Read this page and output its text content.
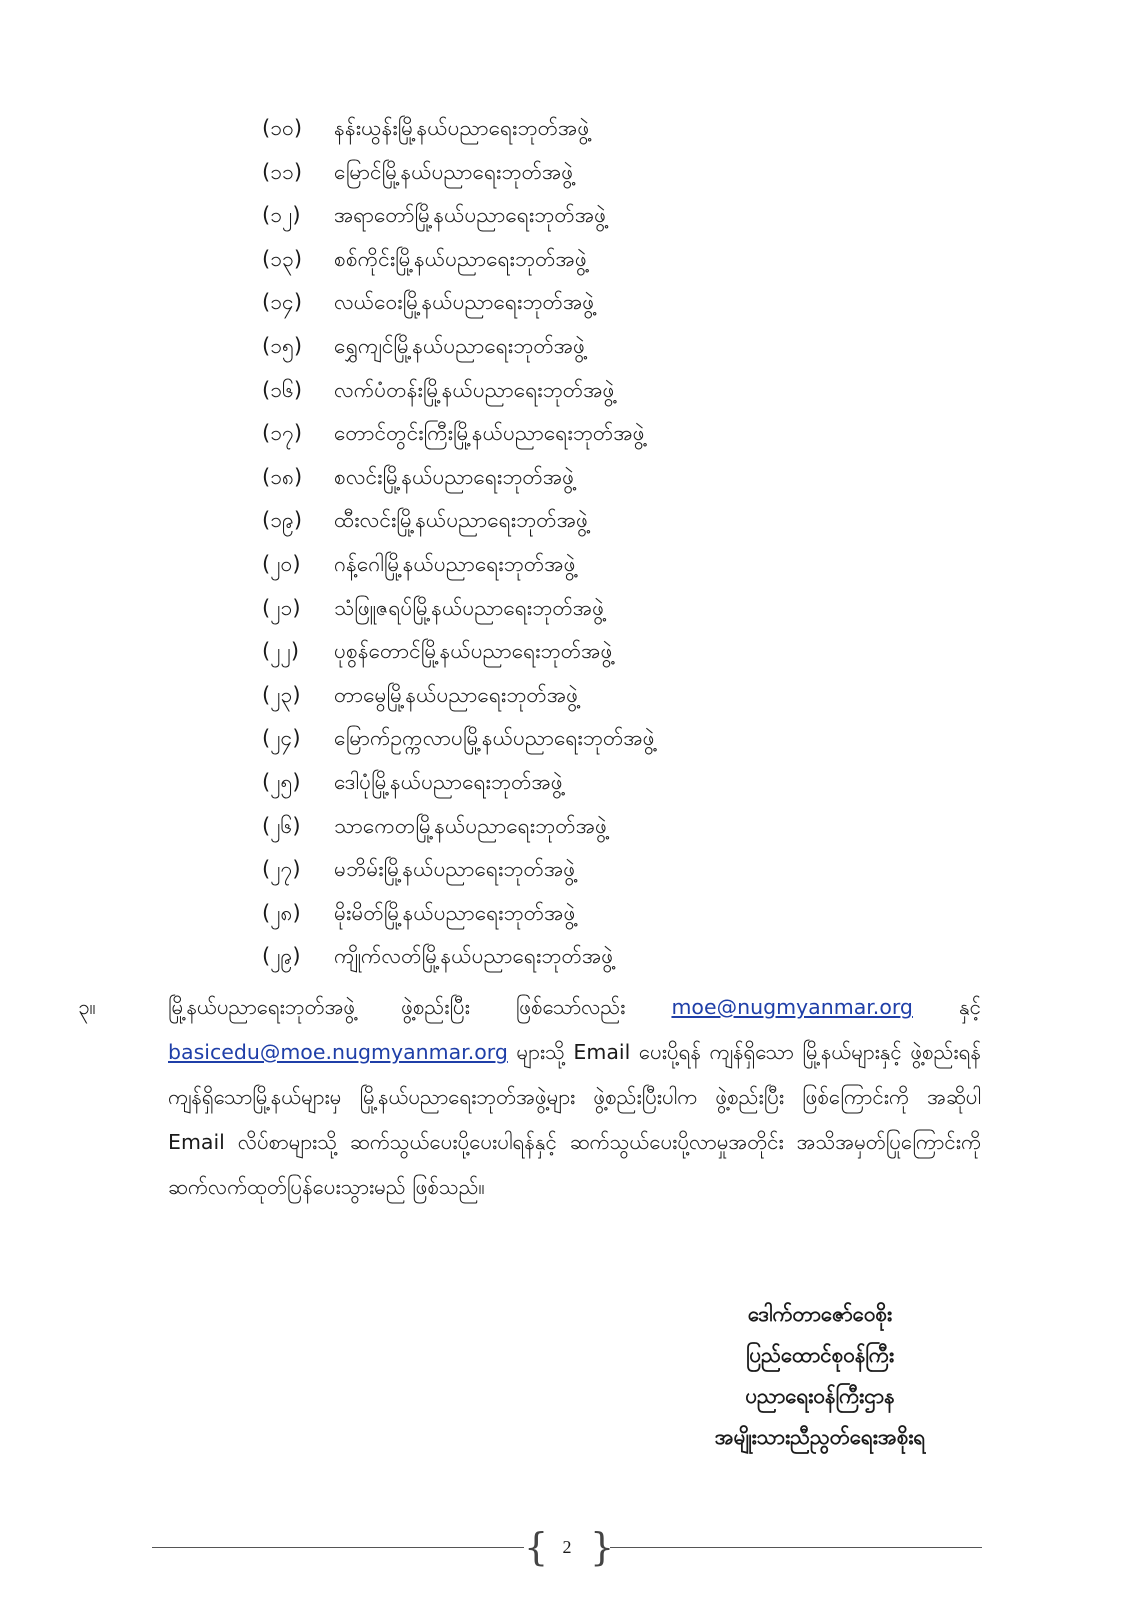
(၁၀)	နန်းယွန်းမြို့နယ်ပညာရေးဘုတ်အဖွဲ့
(၁၁)	မြောင်မြို့နယ်ပညာရေးဘုတ်အဖွဲ့
(၁၂)	အရာတော်မြို့နယ်ပညာရေးဘုတ်အဖွဲ့
(၁၃)	စစ်ကိုင်းမြို့နယ်ပညာရေးဘုတ်အဖွဲ့
(၁၄)	လယ်ဝေးမြို့နယ်ပညာရေးဘုတ်အဖွဲ့
(၁၅)	ရွှေကျင်မြို့နယ်ပညာရေးဘုတ်အဖွဲ့
(၁၆)	လက်ပံတန်းမြို့နယ်ပညာရေးဘုတ်အဖွဲ့
(၁၇)	တောင်တွင်းကြီးမြို့နယ်ပညာရေးဘုတ်အဖွဲ့
(၁၈)	စလင်းမြို့နယ်ပညာရေးဘုတ်အဖွဲ့
(၁၉)	ထီးလင်းမြို့နယ်ပညာရေးဘုတ်အဖွဲ့
(၂၀)	ဂန့်ဂေါမြို့နယ်ပညာရေးဘုတ်အဖွဲ့
(၂၁)	သံဖြူဇရပ်မြို့နယ်ပညာရေးဘုတ်အဖွဲ့
(၂၂)	ပုစွန်တောင်မြို့နယ်ပညာရေးဘုတ်အဖွဲ့
(၂၃)	တာမွေမြို့နယ်ပညာရေးဘုတ်အဖွဲ့
(၂၄)	မြောက်ဥက္ကလာပမြို့နယ်ပညာရေးဘုတ်အဖွဲ့
(၂၅)	ဒေါပုံမြို့နယ်ပညာရေးဘုတ်အဖွဲ့
(၂၆)	သာကေတမြို့နယ်ပညာရေးဘုတ်အဖွဲ့
(၂၇)	မဘိမ်းမြို့နယ်ပညာရေးဘုတ်အဖွဲ့
(၂၈)	မိုးမိတ်မြို့နယ်ပညာရေးဘုတ်အဖွဲ့
(၂၉)	ကျိုက်လတ်မြို့နယ်ပညာရေးဘုတ်အဖွဲ့
၃။	မြို့နယ်ပညာရေးဘုတ်အဖွဲ့ ဖွဲ့စည်းပြီး ဖြစ်သော်လည်း moe@nugmyanmar.org နှင့် basicedu@moe.nugmyanmar.org များသို့ Email ပေးပို့ရန် ကျန်ရှိသော မြို့နယ်များနှင့် ဖွဲ့စည်းရန်ကျန်ရှိသောမြို့နယ်များမှ မြို့နယ်ပညာရေးဘုတ်အဖွဲ့များ ဖွဲ့စည်းပြီးပါက ဖွဲ့စည်းပြီး ဖြစ်ကြောင်းကို အဆိုပါ Email လိပ်စာများသို့ ဆက်သွယ်ပေးပို့ပေးပါရန်နှင့် ဆက်သွယ်ပေးပို့လာမှုအတိုင်း အသိအမှတ်ပြုကြောင်းကို ဆက်လက်ထုတ်ပြန်ပေးသွားမည် ဖြစ်သည်။
ဒေါက်တာဇော်ဝေစိုး
ပြည်ထောင်စုဝန်ကြီး
ပညာရေးဝန်ကြီးဌာန
အမျိုးသားညီညွတ်ရေးအစိုးရ
{ 2 }
